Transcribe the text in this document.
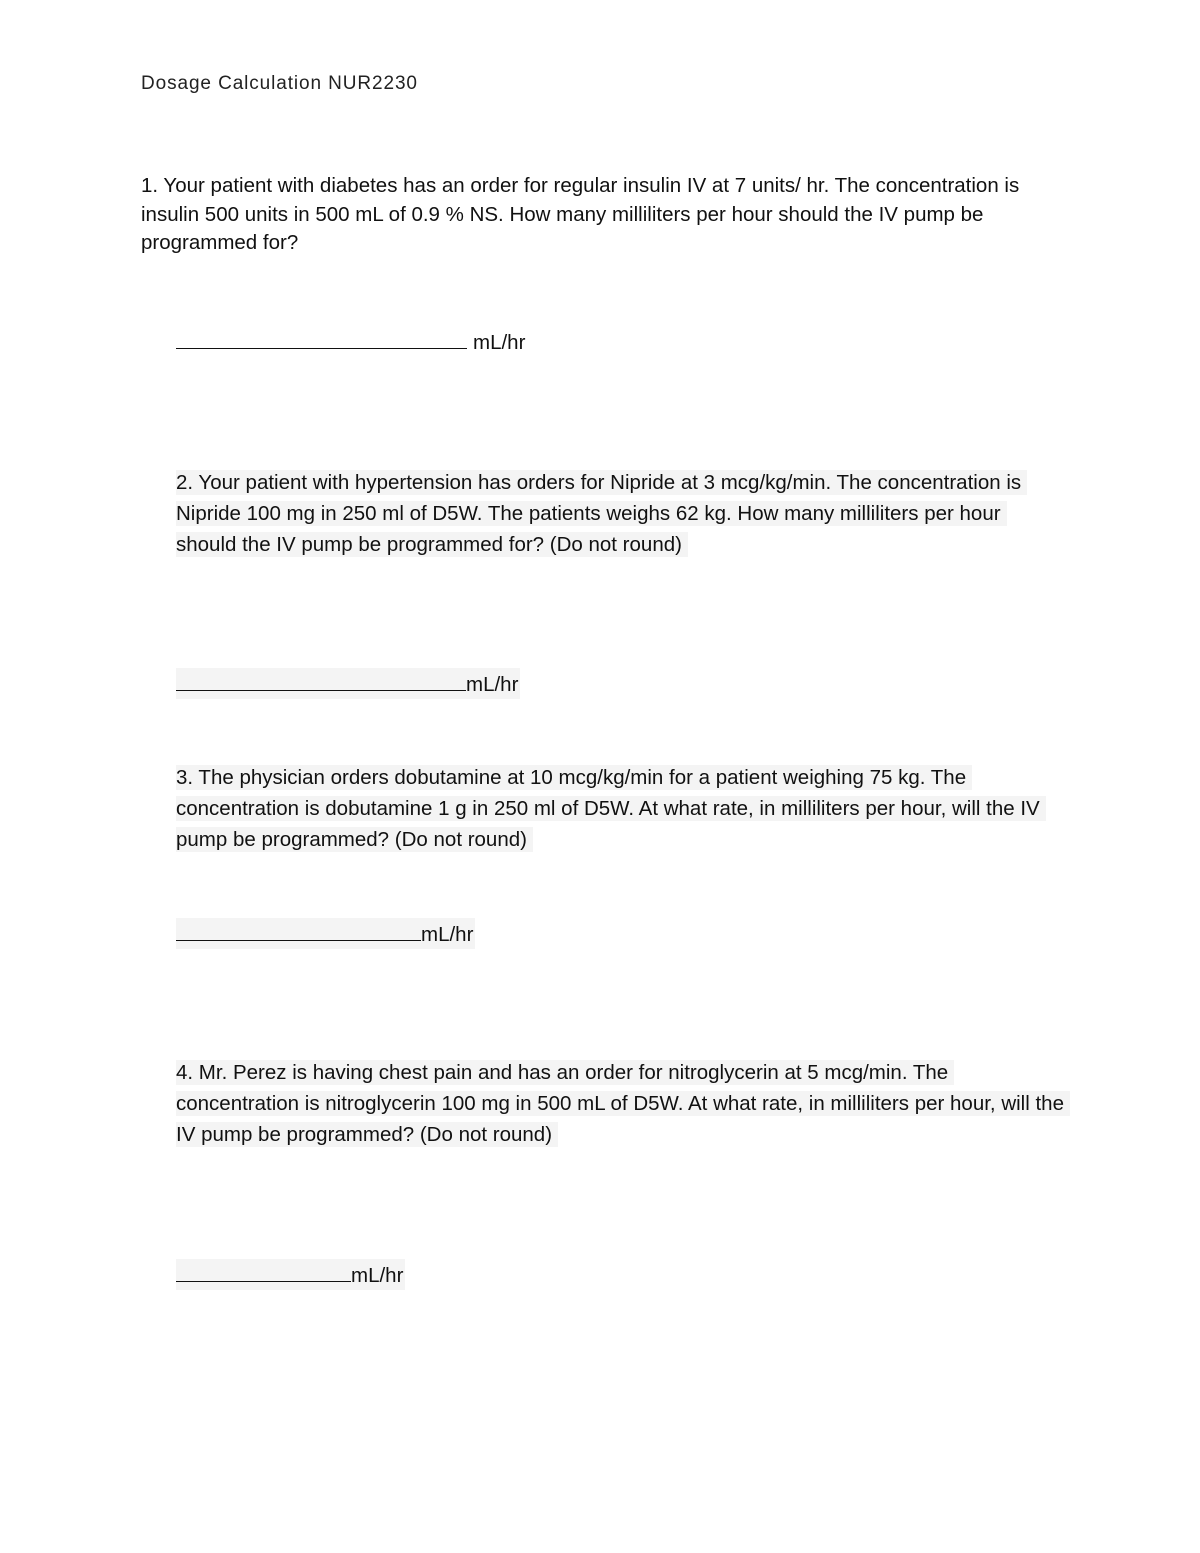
Dosage Calculation NUR2230
1. Your patient with diabetes has an order for regular insulin IV at 7 units/ hr. The concentration is insulin 500 units in 500 mL of 0.9 % NS. How many milliliters per hour should the IV pump be programmed for?
mL/hr
2. Your patient with hypertension has orders for Nipride at 3 mcg/kg/min. The concentration is Nipride 100 mg in 250 ml of D5W. The patients weighs 62 kg. How many milliliters per hour should the IV pump be programmed for? (Do not round)
mL/hr
3. The physician orders dobutamine at 10 mcg/kg/min for a patient weighing 75 kg. The concentration is dobutamine 1 g in 250 ml of D5W. At what rate, in milliliters per hour, will the IV pump be programmed? (Do not round)
mL/hr
4. Mr. Perez is having chest pain and has an order for nitroglycerin at 5 mcg/min. The concentration is nitroglycerin 100 mg in 500 mL of D5W. At what rate, in milliliters per hour, will the IV pump be programmed? (Do not round)
mL/hr
